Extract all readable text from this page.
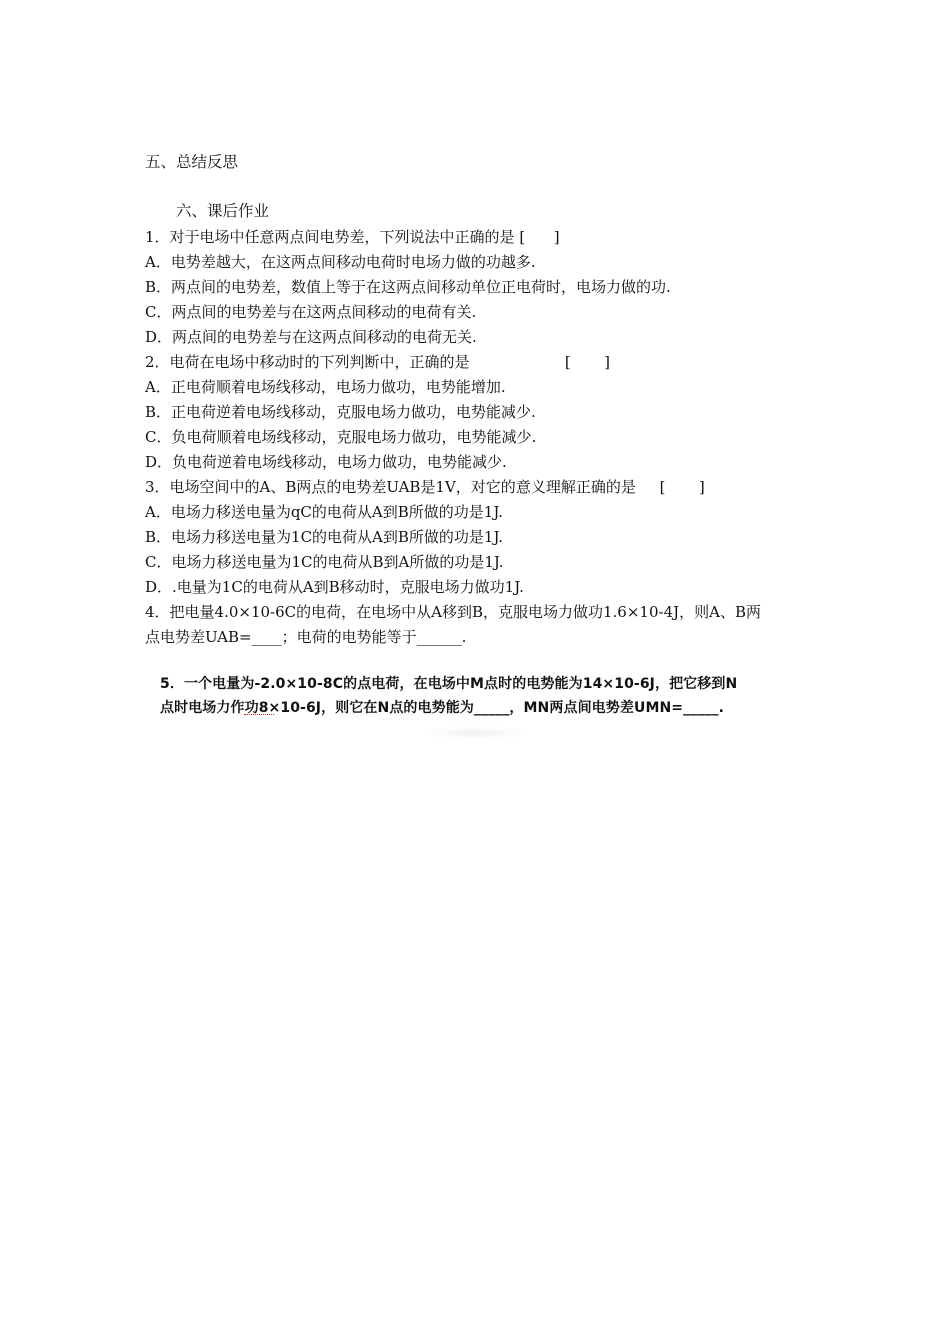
五、总结反思
六、课后作业
1．对于电场中任意两点间电势差，下列说法中正确的是 [      ]
A．电势差越大，在这两点间移动电荷时电场力做的功越多.
B．两点间的电势差，数值上等于在这两点间移动单位正电荷时，电场力做的功.
C．两点间的电势差与在这两点间移动的电荷有关.
D．两点间的电势差与在这两点间移动的电荷无关.
2．电荷在电场中移动时的下列判断中，正确的是                    [       ]
A．正电荷顺着电场线移动，电场力做功，电势能增加.
B．正电荷逆着电场线移动，克服电场力做功，电势能减少.
C．负电荷顺着电场线移动，克服电场力做功，电势能减少.
D．负电荷逆着电场线移动，电场力做功，电势能减少.
3．电场空间中的A、B两点的电势差UAB是1V，对它的意义理解正确的是     [       ]
A．电场力移送电量为qC的电荷从A到B所做的功是1J.
B．电场力移送电量为1C的电荷从A到B所做的功是1J.
C．电场力移送电量为1C的电荷从B到A所做的功是1J.
D．.电量为1C的电荷从A到B移动时，克服电场力做功1J.
4．把电量4.0×10-6C的电荷，在电场中从A移到B，克服电场力做功1.6×10-4J，则A、B两
点电势差UAB=____；电荷的电势能等于______.
5．一个电量为-2.0×10-8C的点电荷，在电场中M点时的电势能为14×10-6J，把它移到N
点时电场力作功8×10-6J，则它在N点的电势能为_____，MN两点间电势差UMN=_____.
